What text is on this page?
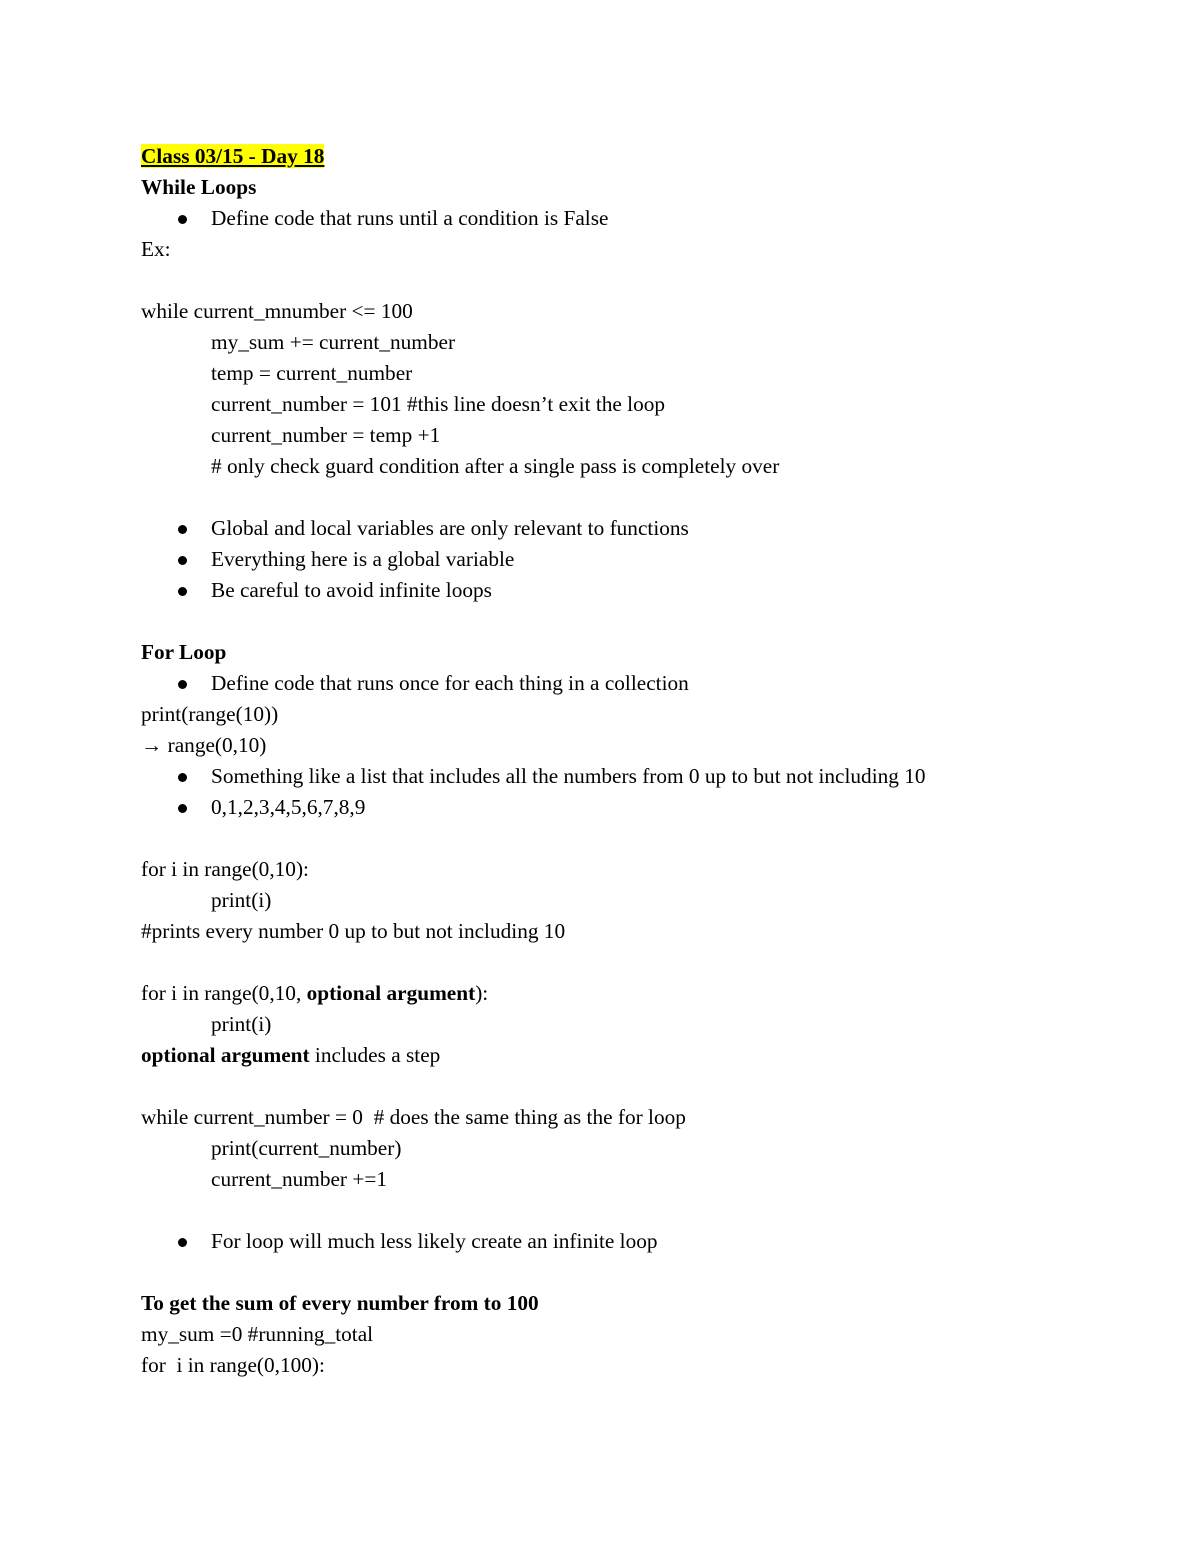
Class 03/15 - Day 18
While Loops
Define code that runs until a condition is False
Ex:
while current_mnumber <= 100
my_sum += current_number
temp = current_number
current_number = 101 #this line doesn’t exit the loop
current_number = temp +1
# only check guard condition after a single pass is completely over
Global and local variables are only relevant to functions
Everything here is a global variable
Be careful to avoid infinite loops
For Loop
Define code that runs once for each thing in a collection
print(range(10))
→ range(0,10)
Something like a list that includes all the numbers from 0 up to but not including 10
0,1,2,3,4,5,6,7,8,9
for i in range(0,10):
print(i)
#prints every number 0 up to but not including 10
for i in range(0,10, optional argument):
print(i)
optional argument includes a step
while current_number = 0  # does the same thing as the for loop
print(current_number)
current_number +=1
For loop will much less likely create an infinite loop
To get the sum of every number from to 100
my_sum =0 #running_total
for  i in range(0,100):
